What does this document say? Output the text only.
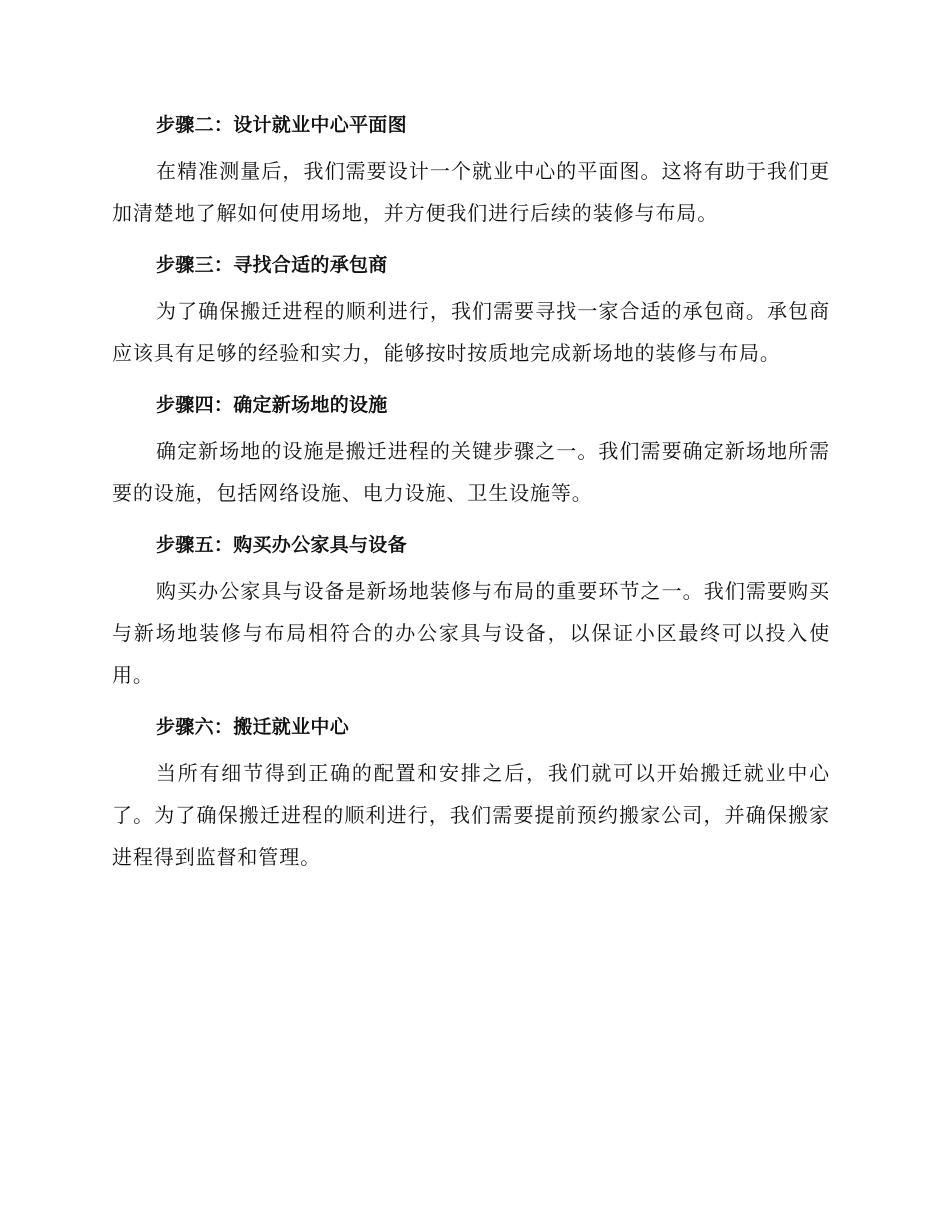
步骤二：设计就业中心平面图

在精准测量后，我们需要设计一个就业中心的平面图。这将有助于我们更加清楚地了解如何使用场地，并方便我们进行后续的装修与布局。

步骤三：寻找合适的承包商

为了确保搬迁进程的顺利进行，我们需要寻找一家合适的承包商。承包商应该具有足够的经验和实力，能够按时按质地完成新场地的装修与布局。

步骤四：确定新场地的设施

确定新场地的设施是搬迁进程的关键步骤之一。我们需要确定新场地所需要的设施，包括网络设施、电力设施、卫生设施等。

步骤五：购买办公家具与设备

购买办公家具与设备是新场地装修与布局的重要环节之一。我们需要购买与新场地装修与布局相符合的办公家具与设备，以保证小区最终可以投入使用。

步骤六：搬迁就业中心

当所有细节得到正确的配置和安排之后，我们就可以开始搬迁就业中心了。为了确保搬迁进程的顺利进行，我们需要提前预约搬家公司，并确保搬家进程得到监督和管理。
